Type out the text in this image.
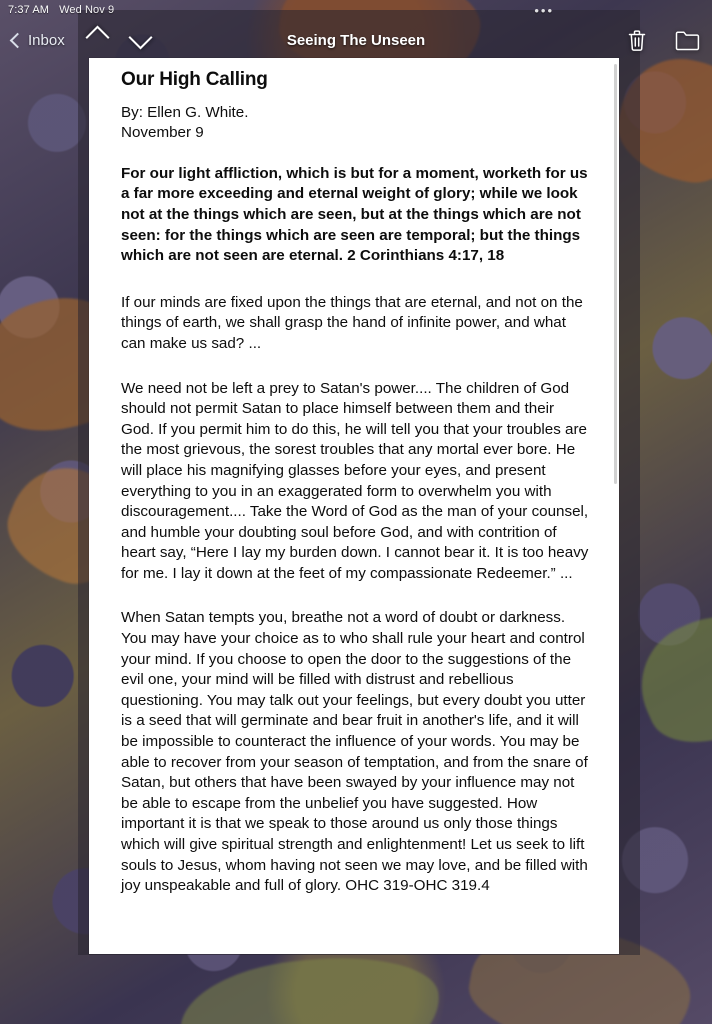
7:37 AM Wed Nov 9	•••
Inbox	Seeing The Unseen
Our High Calling

By: Ellen G. White.

November 9

For our light affliction, which is but for a moment, worketh for us a far more exceeding and eternal weight of glory; while we look not at the things which are seen, but at the things which are not seen: for the things which are seen are temporal; but the things which are not seen are eternal. 2 Corinthians 4:17, 18

If our minds are fixed upon the things that are eternal, and not on the things of earth, we shall grasp the hand of infinite power, and what can make us sad? ...

We need not be left a prey to Satan's power.... The children of God should not permit Satan to place himself between them and their God. If you permit him to do this, he will tell you that your troubles are the most grievous, the sorest troubles that any mortal ever bore. He will place his magnifying glasses before your eyes, and present everything to you in an exaggerated form to overwhelm you with discouragement.... Take the Word of God as the man of your counsel, and humble your doubting soul before God, and with contrition of heart say, “Here I lay my burden down. I cannot bear it. It is too heavy for me. I lay it down at the feet of my compassionate Redeemer.” ...

When Satan tempts you, breathe not a word of doubt or darkness. You may have your choice as to who shall rule your heart and control your mind. If you choose to open the door to the suggestions of the evil one, your mind will be filled with distrust and rebellious questioning. You may talk out your feelings, but every doubt you utter is a seed that will germinate and bear fruit in another's life, and it will be impossible to counteract the influence of your words. You may be able to recover from your season of temptation, and from the snare of Satan, but others that have been swayed by your influence may not be able to escape from the unbelief you have suggested. How important it is that we speak to those around us only those things which will give spiritual strength and enlightenment! Let us seek to lift souls to Jesus, whom having not seen we may love, and be filled with joy unspeakable and full of glory. OHC 319-OHC 319.4
